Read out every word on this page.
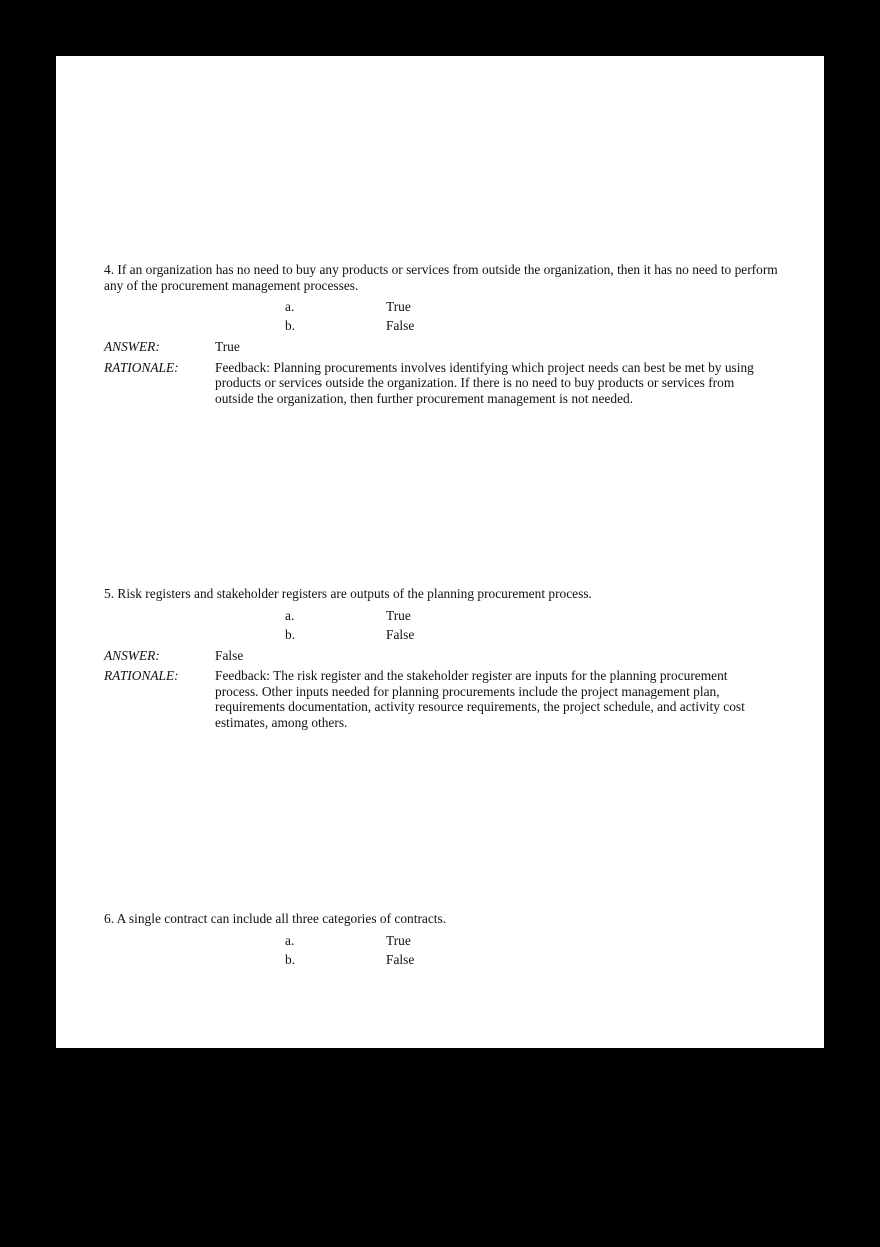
4. If an organization has no need to buy any products or services from outside the organization, then it has no need to perform any of the procurement management processes.

a.	True
b.	False
ANSWER:	True
RATIONALE:	Feedback: Planning procurements involves identifying which project needs can best be met by using products or services outside the organization. If there is no need to buy products or services from outside the organization, then further procurement management is not needed.

5. Risk registers and stakeholder registers are outputs of the planning procurement process.

a.	True
b.	False
ANSWER:	False
RATIONALE:	Feedback: The risk register and the stakeholder register are inputs for the planning procurement process. Other inputs needed for planning procurements include the project management plan, requirements documentation, activity resource requirements, the project schedule, and activity cost estimates, among others.

6. A single contract can include all three categories of contracts.

a.	True
b.	False
